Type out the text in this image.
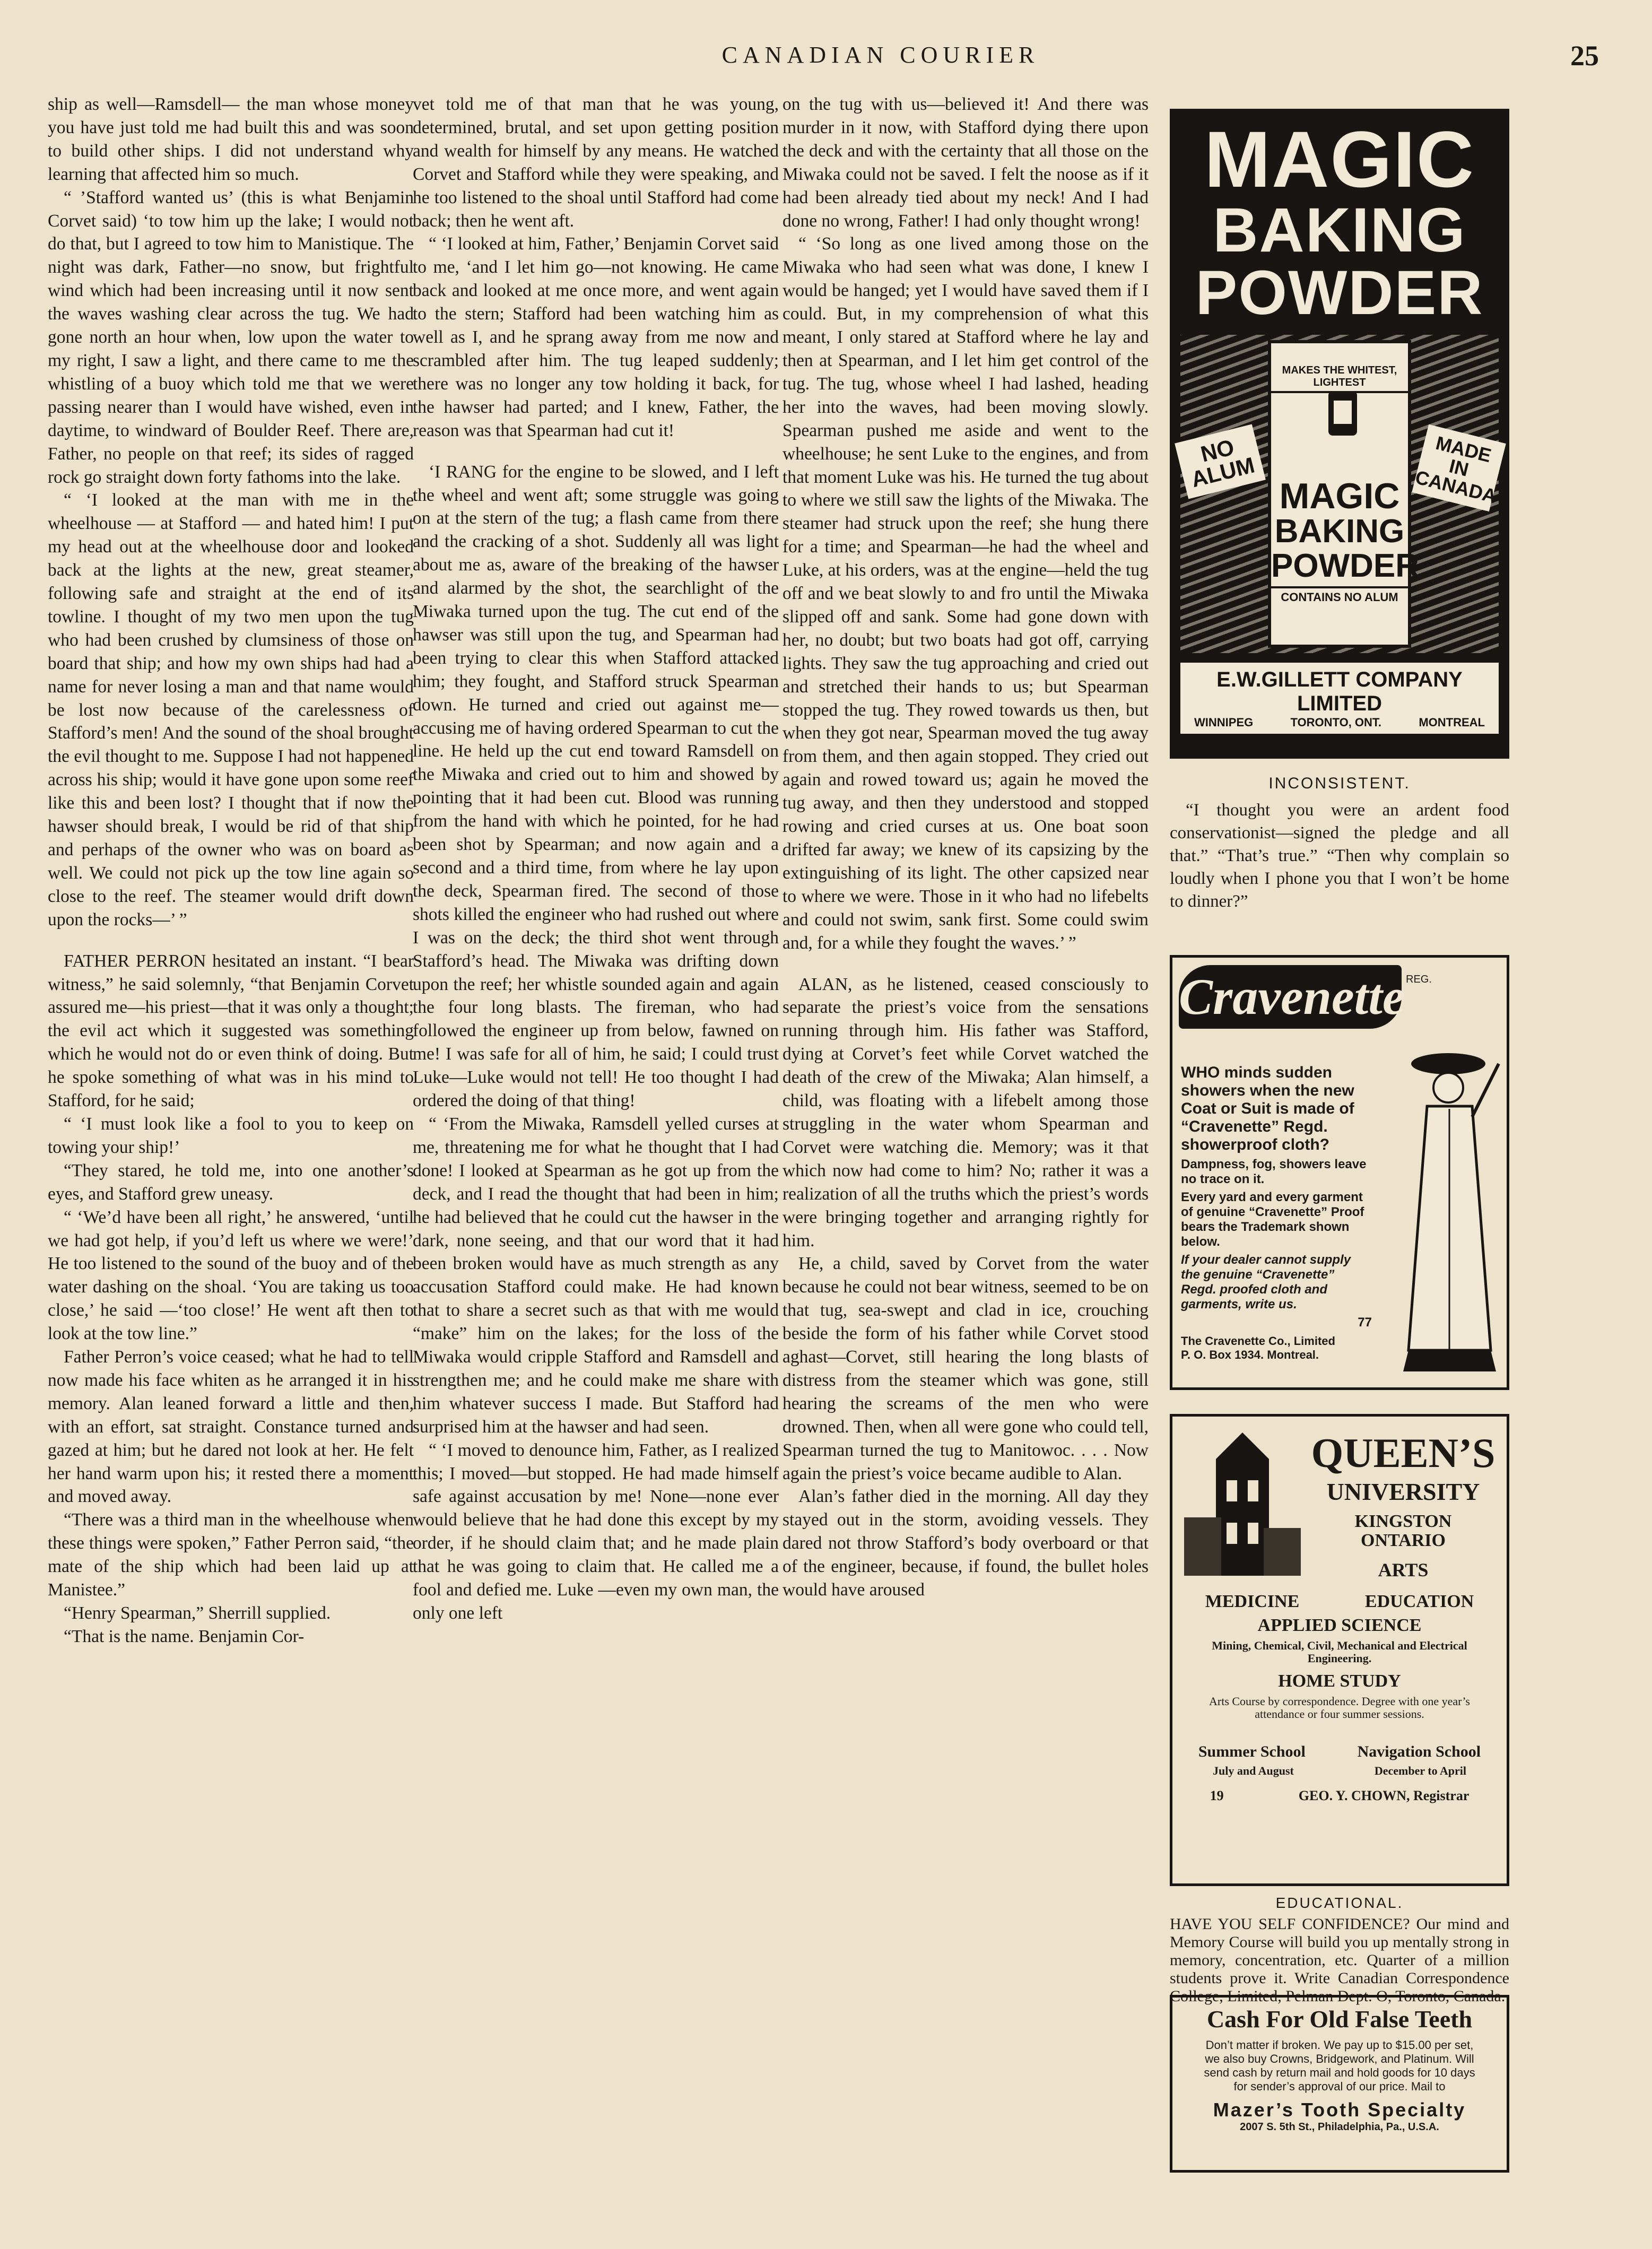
CANADIAN COURIER	25

ship as well—Ramsdell— the man whose money you have just told me had built this and was soon to build other ships. I did not understand why learning that affected him so much.

“ ’Stafford wanted us’ (this is what Benjamin Corvet said) ‘to tow him up the lake; I would not do that, but I agreed to tow him to Manistique. The night was dark, Father—no snow, but frightful wind which had been increasing until it now sent the waves washing clear across the tug. We had gone north an hour when, low upon the water to my right, I saw a light, and there came to me the whistling of a buoy which told me that we were passing nearer than I would have wished, even in daytime, to windward of Boulder Reef. There are, Father, no people on that reef; its sides of ragged rock go straight down forty fathoms into the lake.

“ ‘I looked at the man with me in the wheelhouse — at Stafford — and hated him! I put my head out at the wheelhouse door and looked back at the lights at the new, great steamer, following safe and straight at the end of its towline. I thought of my two men upon the tug who had been crushed by clumsiness of those on board that ship; and how my own ships had had a name for never losing a man and that name would be lost now because of the carelessness of Stafford’s men! And the sound of the shoal brought the evil thought to me. Suppose I had not happened across his ship; would it have gone upon some reef like this and been lost? I thought that if now the hawser should break, I would be rid of that ship and perhaps of the owner who was on board as well. We could not pick up the tow line again so close to the reef. The steamer would drift down upon the rocks—’ ”

FATHER PERRON hesitated an instant. “I bear witness,” he said solemnly, “that Benjamin Corvet assured me—his priest—that it was only a thought; the evil act which it suggested was something which he would not do or even think of doing. But he spoke something of what was in his mind to Stafford, for he said;

“ ‘I must look like a fool to you to keep on towing your ship!’

“They stared, he told me, into one another’s eyes, and Stafford grew uneasy.

“ ‘We’d have been all right,’ he answered, ‘until we had got help, if you’d left us where we were!’ He too listened to the sound of the buoy and of the water dashing on the shoal. ‘You are taking us too close,’ he said —‘too close!’ He went aft then to look at the tow line.”

Father Perron’s voice ceased; what he had to tell now made his face whiten as he arranged it in his memory. Alan leaned forward a little and then, with an effort, sat straight. Constance turned and gazed at him; but he dared not look at her. He felt her hand warm upon his; it rested there a moment and moved away.

“There was a third man in the wheelhouse when these things were spoken,” Father Perron said, “the mate of the ship which had been laid up at Manistee.”

“Henry Spearman,” Sherrill supplied.

“That is the name. Benjamin Cor-

vet told me of that man that he was young, determined, brutal, and set upon getting position and wealth for himself by any means. He watched Corvet and Stafford while they were speaking, and he too listened to the shoal until Stafford had come back; then he went aft.

“ ‘I looked at him, Father,’ Benjamin Corvet said to me, ‘and I let him go—not knowing. He came back and looked at me once more, and went again to the stern; Stafford had been watching him as well as I, and he sprang away from me now and scrambled after him. The tug leaped suddenly; there was no longer any tow holding it back, for the hawser had parted; and I knew, Father, the reason was that Spearman had cut it!

‘I RANG for the engine to be slowed, and I left the wheel and went aft; some struggle was going on at the stern of the tug; a flash came from there and the cracking of a shot. Suddenly all was light about me as, aware of the breaking of the hawser and alarmed by the shot, the searchlight of the Miwaka turned upon the tug. The cut end of the hawser was still upon the tug, and Spearman had been trying to clear this when Stafford attacked him; they fought, and Stafford struck Spearman down. He turned and cried out against me—accusing me of having ordered Spearman to cut the line. He held up the cut end toward Ramsdell on the Miwaka and cried out to him and showed by pointing that it had been cut. Blood was running from the hand with which he pointed, for he had been shot by Spearman; and now again and a second and a third time, from where he lay upon the deck, Spearman fired. The second of those shots killed the engineer who had rushed out where I was on the deck; the third shot went through Stafford’s head. The Miwaka was drifting down upon the reef; her whistle sounded again and again the four long blasts. The fireman, who had followed the engineer up from below, fawned on me! I was safe for all of him, he said; I could trust Luke—Luke would not tell! He too thought I had ordered the doing of that thing!

“ ‘From the Miwaka, Ramsdell yelled curses at me, threatening me for what he thought that I had done! I looked at Spearman as he got up from the deck, and I read the thought that had been in him; he had believed that he could cut the hawser in the dark, none seeing, and that our word that it had been broken would have as much strength as any accusation Stafford could make. He had known that to share a secret such as that with me would “make” him on the lakes; for the loss of the Miwaka would cripple Stafford and Ramsdell and strengthen me; and he could make me share with him whatever success I made. But Stafford had surprised him at the hawser and had seen.

“ ‘I moved to denounce him, Father, as I realized this; I moved—but stopped. He had made himself safe against accusation by me! None—none ever would believe that he had done this except by my order, if he should claim that; and he made plain that he was going to claim that. He called me a fool and defied me. Luke —even my own man, the only one left

on the tug with us—believed it! And there was murder in it now, with Stafford dying there upon the deck and with the certainty that all those on the Miwaka could not be saved. I felt the noose as if it had been already tied about my neck! And I had done no wrong, Father! I had only thought wrong!

“ ‘So long as one lived among those on the Miwaka who had seen what was done, I knew I would be hanged; yet I would have saved them if I could. But, in my comprehension of what this meant, I only stared at Stafford where he lay and then at Spearman, and I let him get control of the tug. The tug, whose wheel I had lashed, heading her into the waves, had been moving slowly. Spearman pushed me aside and went to the wheelhouse; he sent Luke to the engines, and from that moment Luke was his. He turned the tug about to where we still saw the lights of the Miwaka. The steamer had struck upon the reef; she hung there for a time; and Spearman—he had the wheel and Luke, at his orders, was at the engine—held the tug off and we beat slowly to and fro until the Miwaka slipped off and sank. Some had gone down with her, no doubt; but two boats had got off, carrying lights. They saw the tug approaching and cried out and stretched their hands to us; but Spearman stopped the tug. They rowed towards us then, but when they got near, Spearman moved the tug away from them, and then again stopped. They cried out again and rowed toward us; again he moved the tug away, and then they understood and stopped rowing and cried curses at us. One boat soon drifted far away; we knew of its capsizing by the extinguishing of its light. The other capsized near to where we were. Those in it who had no lifebelts and could not swim, sank first. Some could swim and, for a while they fought the waves.’ ”

ALAN, as he listened, ceased consciously to separate the priest’s voice from the sensations running through him. His father was Stafford, dying at Corvet’s feet while Corvet watched the death of the crew of the Miwaka; Alan himself, a child, was floating with a lifebelt among those struggling in the water whom Spearman and Corvet were watching die. Memory; was it that which now had come to him? No; rather it was a realization of all the truths which the priest’s words were bringing together and arranging rightly for him.

He, a child, saved by Corvet from the water because he could not bear witness, seemed to be on that tug, sea-swept and clad in ice, crouching beside the form of his father while Corvet stood aghast—Corvet, still hearing the long blasts of distress from the steamer which was gone, still hearing the screams of the men who were drowned. Then, when all were gone who could tell, Spearman turned the tug to Manitowoc. . . . Now again the priest’s voice became audible to Alan.

Alan’s father died in the morning. All day they stayed out in the storm, avoiding vessels. They dared not throw Stafford’s body overboard or that of the engineer, because, if found, the bullet holes would have aroused

MAGIC
BAKING
POWDER
NO ALUM
MADE IN CANADA
MAKES THE WHITEST, LIGHTEST
MAGIC
BAKING
POWDER
CONTAINS NO ALUM
E.W.GILLETT COMPANY LIMITED
WINNIPEG	TORONTO, ONT.	MONTREAL
INCONSISTENT.

“I thought you were an ardent food conservationist—signed the pledge and all that.” “That’s true.” “Then why complain so loudly when I phone you that I won’t be home to dinner?”

Cravenette REG.
WHO minds sudden showers when the new Coat or Suit is made of “Cravenette” Regd. showerproof cloth?
Dampness, fog, showers leave no trace on it.
Every yard and every garment of genuine “Cravenette” Proof bears the Trademark shown below.
If your dealer cannot supply the genuine “Cravenette” Regd. proofed cloth and garments, write us.
77
The Cravenette Co., Limited
P. O. Box 1934. Montreal.
QUEEN’S
UNIVERSITY
KINGSTON
ONTARIO
ARTS
MEDICINE	EDUCATION
APPLIED SCIENCE
Mining, Chemical, Civil, Mechanical and Electrical Engineering.
HOME STUDY
Arts Course by correspondence. Degree with one year’s attendance or four summer sessions.
Summer School	Navigation School
July and August	December to April
19	GEO. Y. CHOWN, Registrar
EDUCATIONAL.

HAVE YOU SELF CONFIDENCE? Our mind and Memory Course will build you up mentally strong in memory, concentration, etc. Quarter of a million students prove it. Write Canadian Correspondence College, Limited, Pelman Dept. O, Toronto, Canada.

Cash For Old False Teeth
Don’t matter if broken. We pay up to $15.00 per set, we also buy Crowns, Bridgework, and Platinum. Will send cash by return mail and hold goods for 10 days for sender’s approval of our price. Mail to
Mazer’s Tooth Specialty
2007 S. 5th St., Philadelphia, Pa., U.S.A.
